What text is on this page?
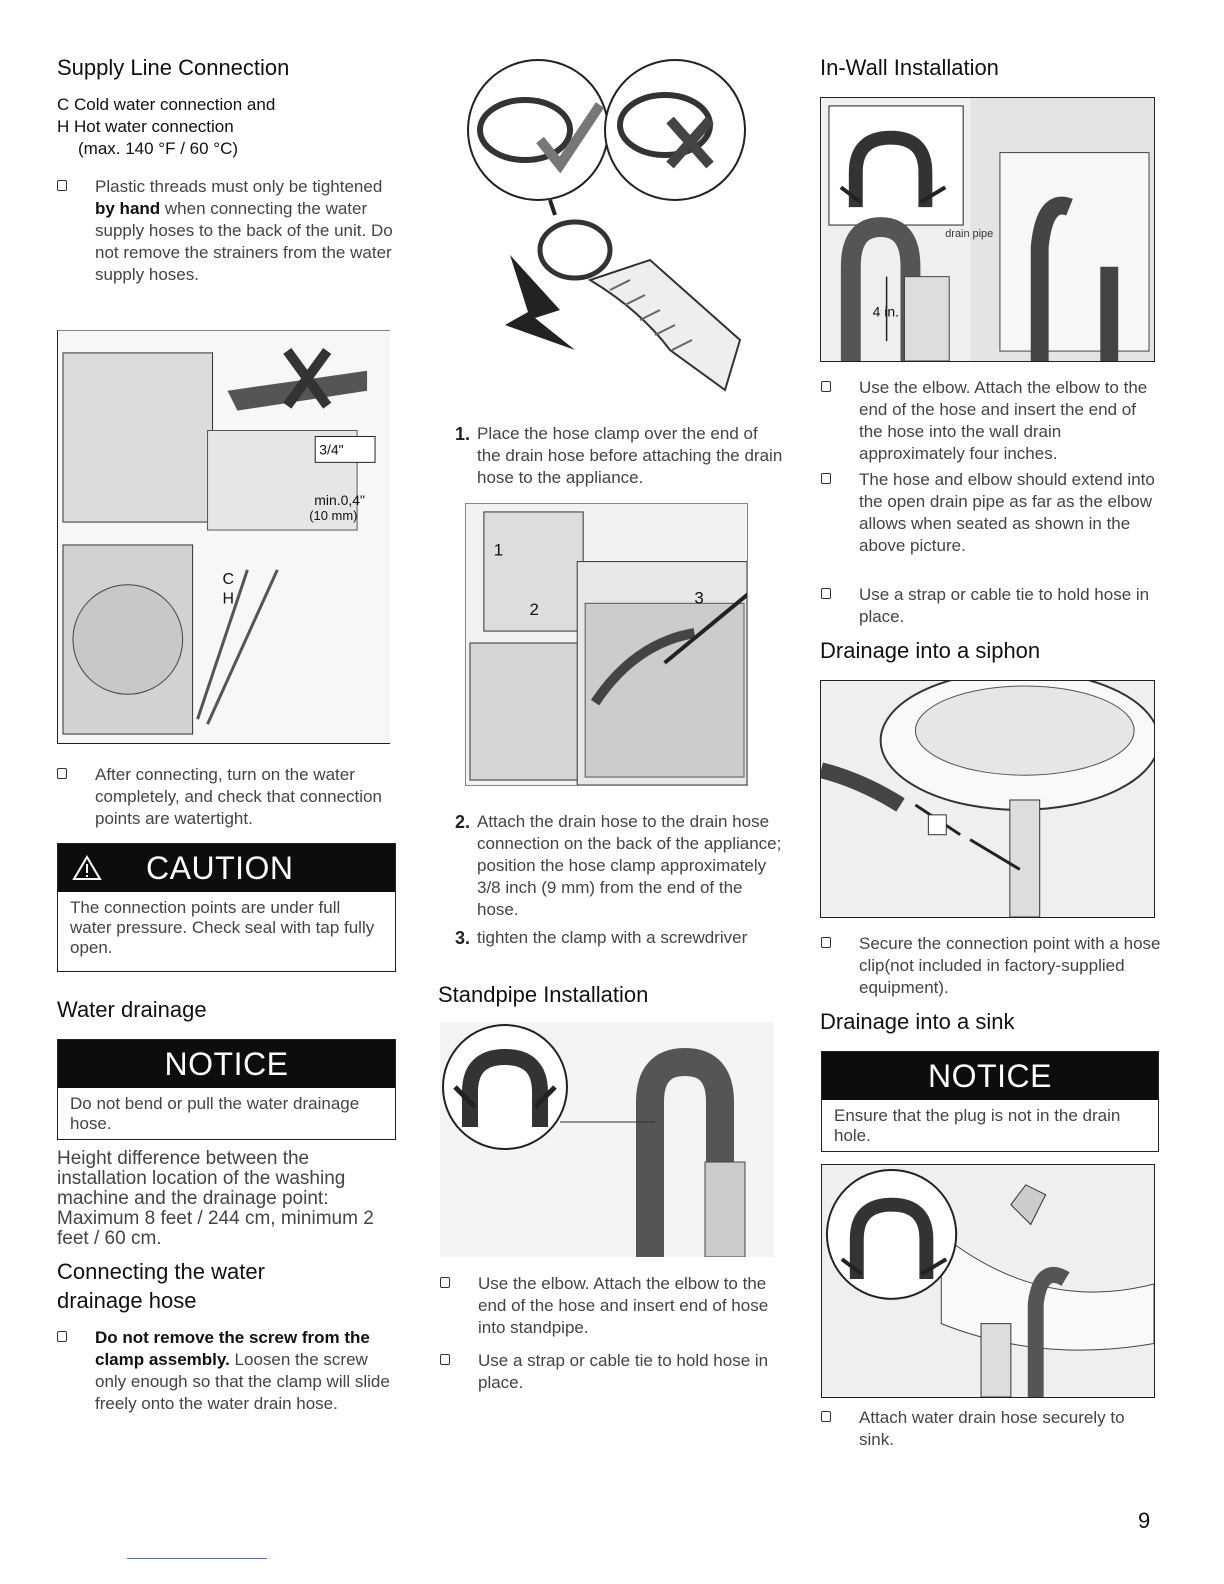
Supply Line Connection
C Cold water connection and
H Hot water connection
(max. 140 °F / 60 °C)
Plastic threads must only be tightened by hand when connecting the water supply hoses to the back of the unit. Do not remove the strainers from the water supply hoses.
C
H
3/4"
min.0,4"
(10 mm)
After connecting, turn on the water completely, and check that connection points are watertight.
CAUTION
The connection points are under full water pressure. Check seal with tap fully open.
Water drainage
NOTICE
Do not bend or pull the water drainage hose.
Height difference between the installation location of the washing machine and the drainage point: Maximum 8 feet / 244 cm, minimum 2 feet / 60 cm.
Connecting the water
drainage hose
Do not remove the screw from the clamp assembly. Loosen the screw only enough so that the clamp will slide freely onto the water drain hose.
1. Place the hose clamp over the end of the drain hose before attaching the drain hose to the appliance.
1
2
3
2. Attach the drain hose to the drain hose connection on the back of the appliance; position the hose clamp approximately 3/8 inch (9 mm) from the end of the hose.
3. tighten the clamp with a screwdriver
Standpipe Installation
Use the elbow. Attach the elbow to the end of the hose and insert end of hose into standpipe.
Use a strap or cable tie to hold hose in place.
In-Wall Installation
drain pipe
4 in.
Use the elbow. Attach the elbow to the end of the hose and insert the end of the hose into the wall drain approximately four inches.
The hose and elbow should extend into the open drain pipe as far as the elbow allows when seated as shown in the above picture.
Use a strap or cable tie to hold hose in place.
Drainage into a siphon
Secure the connection point with a hose clip(not included in factory-supplied equipment).
Drainage into a sink
NOTICE
Ensure that the plug is not in the drain hole.
Attach water drain hose securely to sink.
9
